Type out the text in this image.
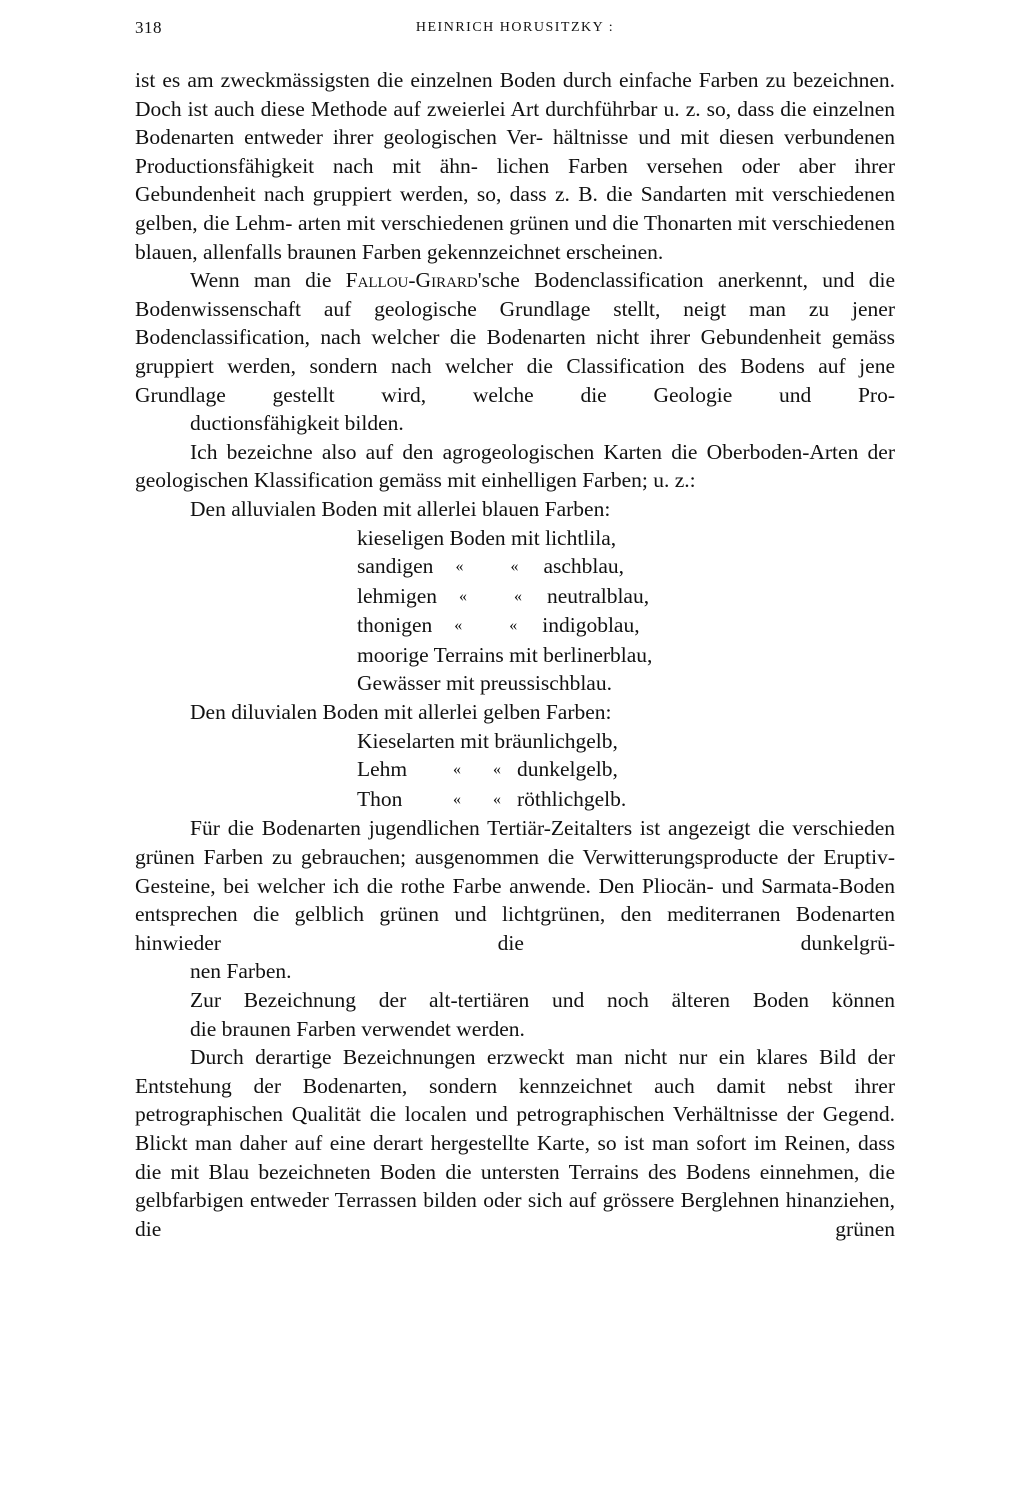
318	HEINRICH HORUSITZKY :

ist es am zweckmässigsten die einzelnen Boden durch einfache Farben zu bezeichnen. Doch ist auch diese Methode auf zweierlei Art durchführbar u. z. so, dass die einzelnen Bodenarten entweder ihrer geologischen Ver- hältnisse und mit diesen verbundenen Productionsfähigkeit nach mit ähn- lichen Farben versehen oder aber ihrer Gebundenheit nach gruppiert werden, so, dass z. B. die Sandarten mit verschiedenen gelben, die Lehm- arten mit verschiedenen grünen und die Thonarten mit verschiedenen
blauen, allenfalls braunen Farben gekennzeichnet erscheinen.

Wenn man die Fallou-Girard'sche Bodenclassification anerkennt, und die Bodenwissenschaft auf geologische Grundlage stellt, neigt man zu jener Bodenclassification, nach welcher die Bodenarten nicht ihrer Gebundenheit gemäss gruppiert werden, sondern nach welcher die Classification des Bodens auf jene Grundlage gestellt wird, welche die Geologie und Pro-
ductionsfähigkeit bilden.

Ich bezeichne also auf den agrogeologischen Karten die Oberboden-Arten der geologischen Klassification gemäss mit einhelligen Farben; u. z.:

Den alluvialen Boden mit allerlei blauen Farben:

kieseligen Boden mit lichtlila,
sandigen «	« aschblau,
lehmigen «	« neutralblau,
thonigen «	« indigoblau,
moorige Terrains mit berlinerblau,
Gewässer mit preussischblau.

Den diluvialen Boden mit allerlei gelben Farben:

Kieselarten mit bräunlichgelb,
Lehm	« « dunkelgelb,
Thon	« « röthlichgelb.

Für die Bodenarten jugendlichen Tertiär-Zeitalters ist angezeigt die verschieden grünen Farben zu gebrauchen; ausgenommen die Verwitterungsproducte der Eruptiv-Gesteine, bei welcher ich die rothe Farbe anwende. Den Pliocän- und Sarmata-Boden entsprechen die gelblich grünen und lichtgrünen, den mediterranen Bodenarten hinwieder die dunkelgrü-
nen Farben.

Zur Bezeichnung der alt-tertiären und noch älteren Boden können
die braunen Farben verwendet werden.

Durch derartige Bezeichnungen erzweckt man nicht nur ein klares Bild der Entstehung der Bodenarten, sondern kennzeichnet auch damit nebst ihrer petrographischen Qualität die localen und petrographischen Verhältnisse der Gegend. Blickt man daher auf eine derart hergestellte Karte, so ist man sofort im Reinen, dass die mit Blau bezeichneten Boden die untersten Terrains des Bodens einnehmen, die gelbfarbigen entweder Terrassen bilden oder sich auf grössere Berglehnen hinanziehen, die grünen
